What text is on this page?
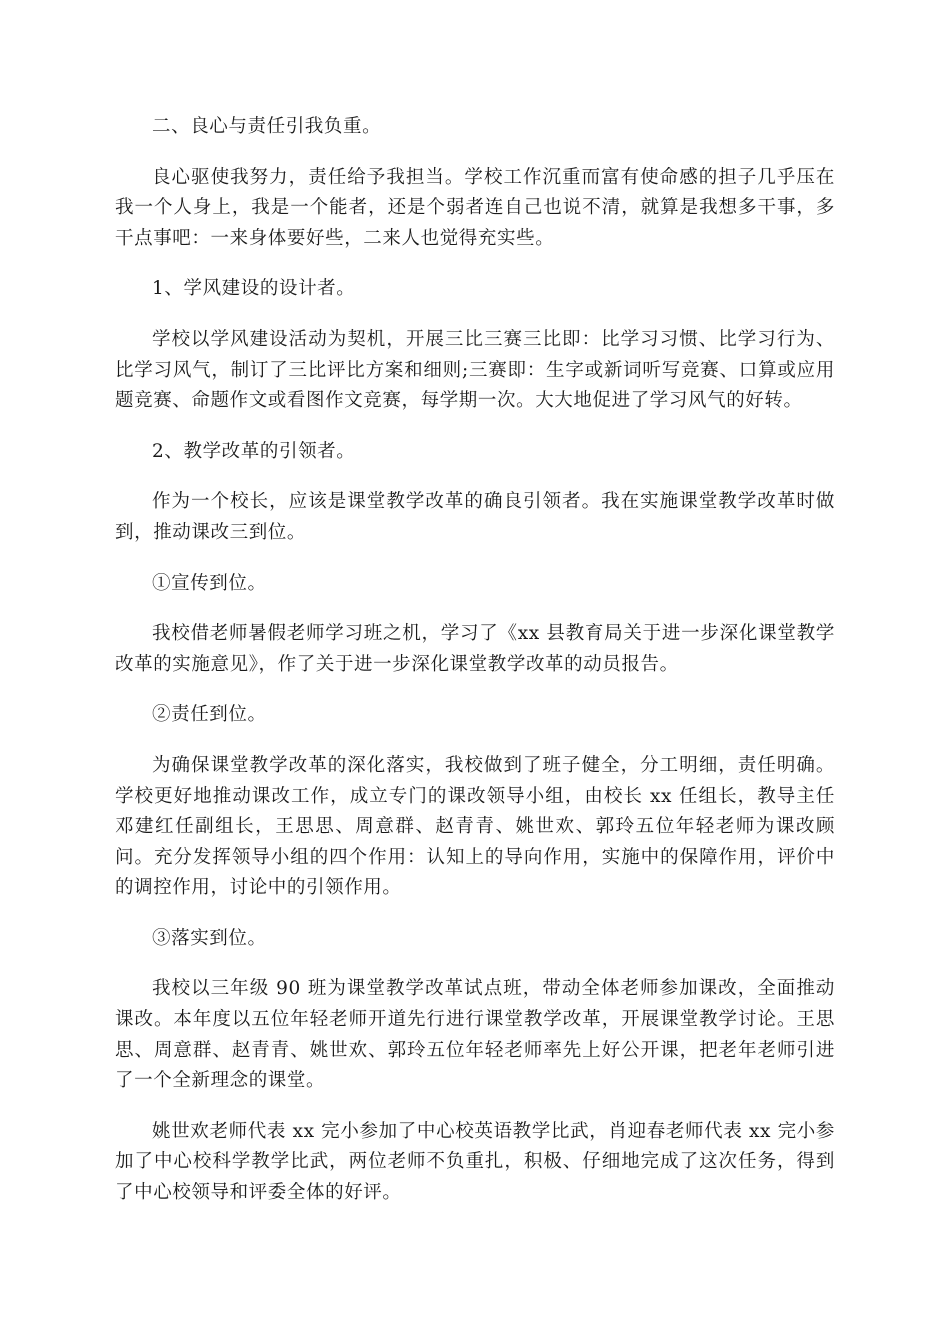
二、良心与责任引我负重。

良心驱使我努力，责任给予我担当。学校工作沉重而富有使命感的担子几乎压在我一个人身上，我是一个能者，还是个弱者连自己也说不清，就算是我想多干事，多干点事吧：一来身体要好些，二来人也觉得充实些。

1、学风建设的设计者。

学校以学风建设活动为契机，开展三比三赛三比即：比学习习惯、比学习行为、比学习风气，制订了三比评比方案和细则;三赛即：生字或新词听写竞赛、口算或应用题竞赛、命题作文或看图作文竞赛，每学期一次。大大地促进了学习风气的好转。

2、教学改革的引领者。

作为一个校长，应该是课堂教学改革的确良引领者。我在实施课堂教学改革时做到，推动课改三到位。

①宣传到位。

我校借老师暑假老师学习班之机，学习了《xx 县教育局关于进一步深化课堂教学改革的实施意见》，作了关于进一步深化课堂教学改革的动员报告。

②责任到位。

为确保课堂教学改革的深化落实，我校做到了班子健全，分工明细，责任明确。学校更好地推动课改工作，成立专门的课改领导小组，由校长 xx 任组长，教导主任邓建红任副组长，王思思、周意群、赵青青、姚世欢、郭玲五位年轻老师为课改顾问。充分发挥领导小组的四个作用：认知上的导向作用，实施中的保障作用，评价中的调控作用，讨论中的引领作用。

③落实到位。

我校以三年级 90 班为课堂教学改革试点班，带动全体老师参加课改，全面推动课改。本年度以五位年轻老师开道先行进行课堂教学改革，开展课堂教学讨论。王思思、周意群、赵青青、姚世欢、郭玲五位年轻老师率先上好公开课，把老年老师引进了一个全新理念的课堂。

姚世欢老师代表 xx 完小参加了中心校英语教学比武，肖迎春老师代表 xx 完小参加了中心校科学教学比武，两位老师不负重扎，积极、仔细地完成了这次任务，得到了中心校领导和评委全体的好评。
